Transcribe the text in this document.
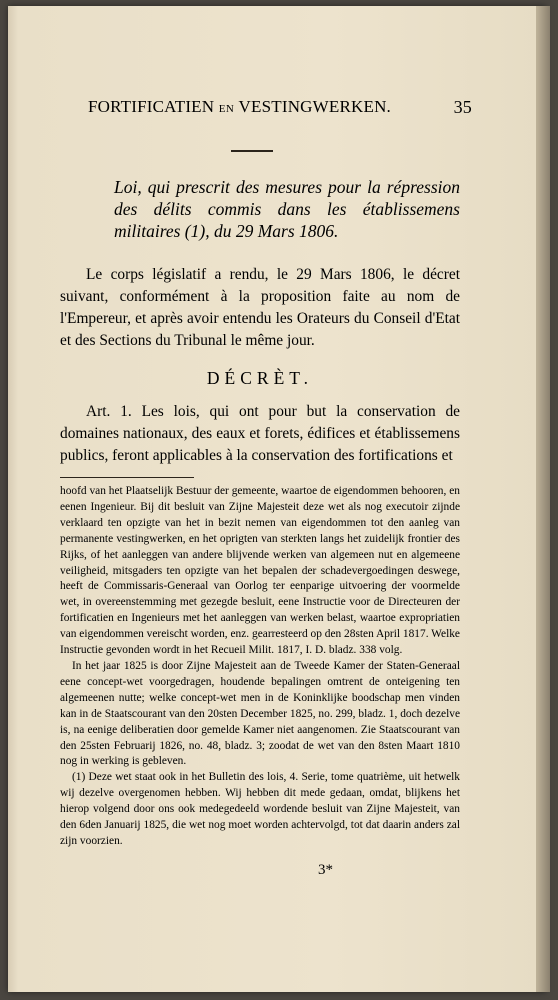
FORTIFICATIEN EN VESTINGWERKEN.	35
Loi, qui prescrit des mesures pour la répression des délits commis dans les établissemens militaires (1), du 29 Mars 1806.
Le corps législatif a rendu, le 29 Mars 1806, le décret suivant, conformément à la proposition faite au nom de l'Empereur, et après avoir entendu les Orateurs du Conseil d'Etat et des Sections du Tribunal le même jour.
DÉCRÈT.
Art. 1. Les lois, qui ont pour but la conservation de domaines nationaux, des eaux et forets, édifices et établissemens publics, feront applicables à la conservation des fortifications et

hoofd van het Plaatselijk Bestuur der gemeente, waartoe de eigendommen behooren, en eenen Ingenieur. Bij dit besluit van Zijne Majesteit deze wet als nog executoir zijnde verklaard ten opzigte van het in bezit nemen van eigendommen tot den aanleg van permanente vestingwerken, en het oprigten van sterkten langs het zuidelijk frontier des Rijks, of het aanleggen van andere blijvende werken van algemeen nut en algemeene veiligheid, mitsgaders ten opzigte van het bepalen der schadevergoedingen deswege, heeft de Commissaris-Generaal van Oorlog ter eenparige uitvoering der voormelde wet, in overeenstemming met gezegde besluit, eene Instructie voor de Directeuren der fortificatien en Ingenieurs met het aanleggen van werken belast, waartoe expropriatien van eigendommen vereischt worden, enz. gearresteerd op den 28sten April 1817. Welke Instructie gevonden wordt in het Recueil Milit. 1817, I. D. bladz. 338 volg.

In het jaar 1825 is door Zijne Majesteit aan de Tweede Kamer der Staten-Generaal eene concept-wet voorgedragen, houdende bepalingen omtrent de onteigening ten algemeenen nutte; welke concept-wet men in de Koninklijke boodschap men vinden kan in de Staatscourant van den 20sten December 1825, no. 299, bladz. 1, doch dezelve is, na eenige deliberatien door gemelde Kamer niet aangenomen. Zie Staatscourant van den 25sten Februarij 1826, no. 48, bladz. 3; zoodat de wet van den 8sten Maart 1810 nog in werking is gebleven.

(1) Deze wet staat ook in het Bulletin des lois, 4. Serie, tome quatrième, uit hetwelk wij dezelve overgenomen hebben. Wij hebben dit mede gedaan, omdat, blijkens het hierop volgend door ons ook medegedeeld wordende besluit van Zijne Majesteit, van den 6den Januarij 1825, die wet nog moet worden achtervolgd, tot dat daarin anders zal zijn voorzien.

3*
